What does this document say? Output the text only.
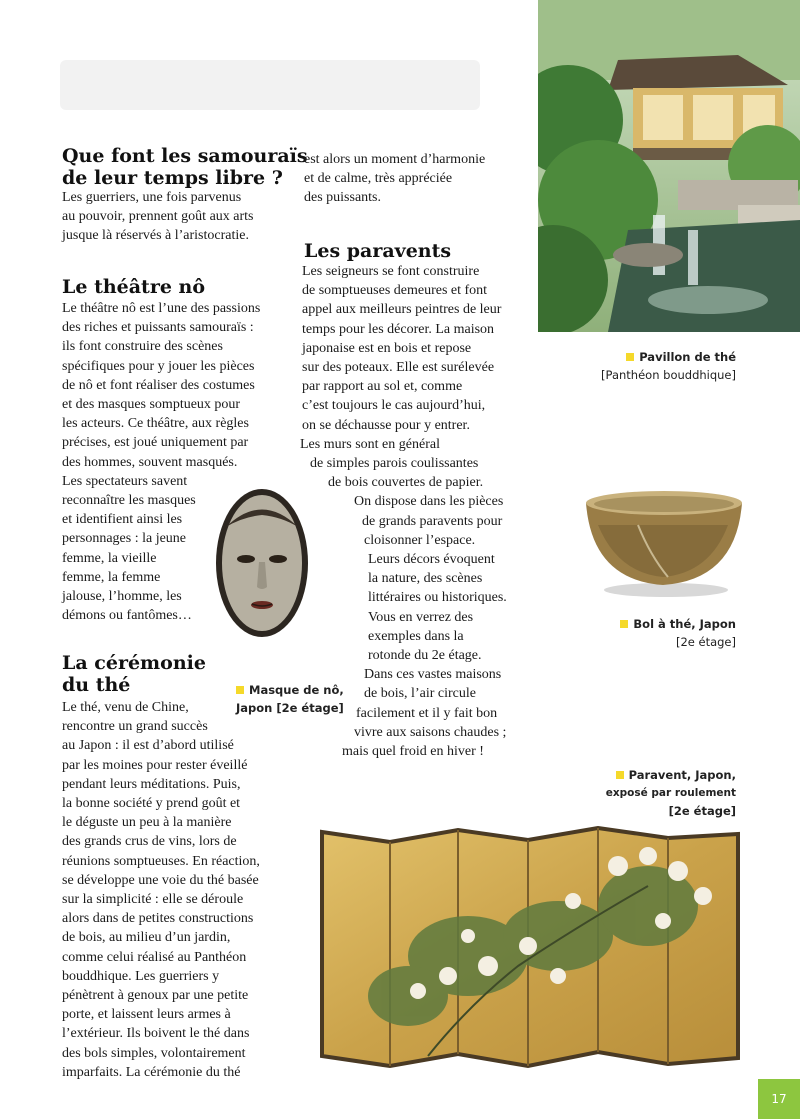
Que font les samouraïs
de leur temps libre ?
Les guerriers, une fois parvenus
au pouvoir, prennent goût aux arts
jusque là réservés à l’aristocratie.
Le théâtre nô
Le théâtre nô est l’une des passions
des riches et puissants samouraïs :
ils font construire des scènes
spécifiques pour y jouer les pièces
de nô et font réaliser des costumes
et des masques somptueux pour
les acteurs. Ce théâtre, aux règles
précises, est joué uniquement par
des hommes, souvent masqués.
Les spectateurs savent
reconnaître les masques
et identifient ainsi les
personnages : la jeune
femme, la vieille
femme, la femme
jalouse, l’homme, les
démons ou fantômes…
La cérémonie
du thé
Le thé, venu de Chine,
rencontre un grand succès
au Japon : il est d’abord utilisé
par les moines pour rester éveillé
pendant leurs méditations. Puis,
la bonne société y prend goût et
le déguste un peu à la manière
des grands crus de vins, lors de
réunions somptueuses. En réaction,
se développe une voie du thé basée
sur la simplicité : elle se déroule
alors dans de petites constructions
de bois, au milieu d’un jardin,
comme celui réalisé au Panthéon
bouddhique. Les guerriers y
pénètrent à genoux par une petite
porte, et laissent leurs armes à
l’extérieur. Ils boivent le thé dans
des bols simples, volontairement
imparfaits. La cérémonie du thé
est alors un moment d’harmonie
et de calme, très appréciée
des puissants.
Les paravents
Les seigneurs se font construire
de somptueuses demeures et font
appel aux meilleurs peintres de leur
temps pour les décorer. La maison
japonaise est en bois et repose
sur des poteaux. Elle est surélevée
par rapport au sol et, comme
c’est toujours le cas aujourd’hui,
on se déchausse pour y entrer.
Les murs sont en général
de simples parois coulissantes
de bois couvertes de papier.
On dispose dans les pièces
de grands paravents pour
cloisonner l’espace.
Leurs décors évoquent
la nature, des scènes
littéraires ou historiques.
Vous en verrez des
exemples dans la
rotonde du 2e étage.
Dans ces vastes maisons
de bois, l’air circule
facilement et il y fait bon
vivre aux saisons chaudes ;
mais quel froid en hiver !
Pavillon de thé
[Panthéon bouddhique]
Bol à thé, Japon
[2e étage]
Masque de nô,
Japon [2e étage]
Paravent, Japon,
exposé par roulement
[2e étage]
17
